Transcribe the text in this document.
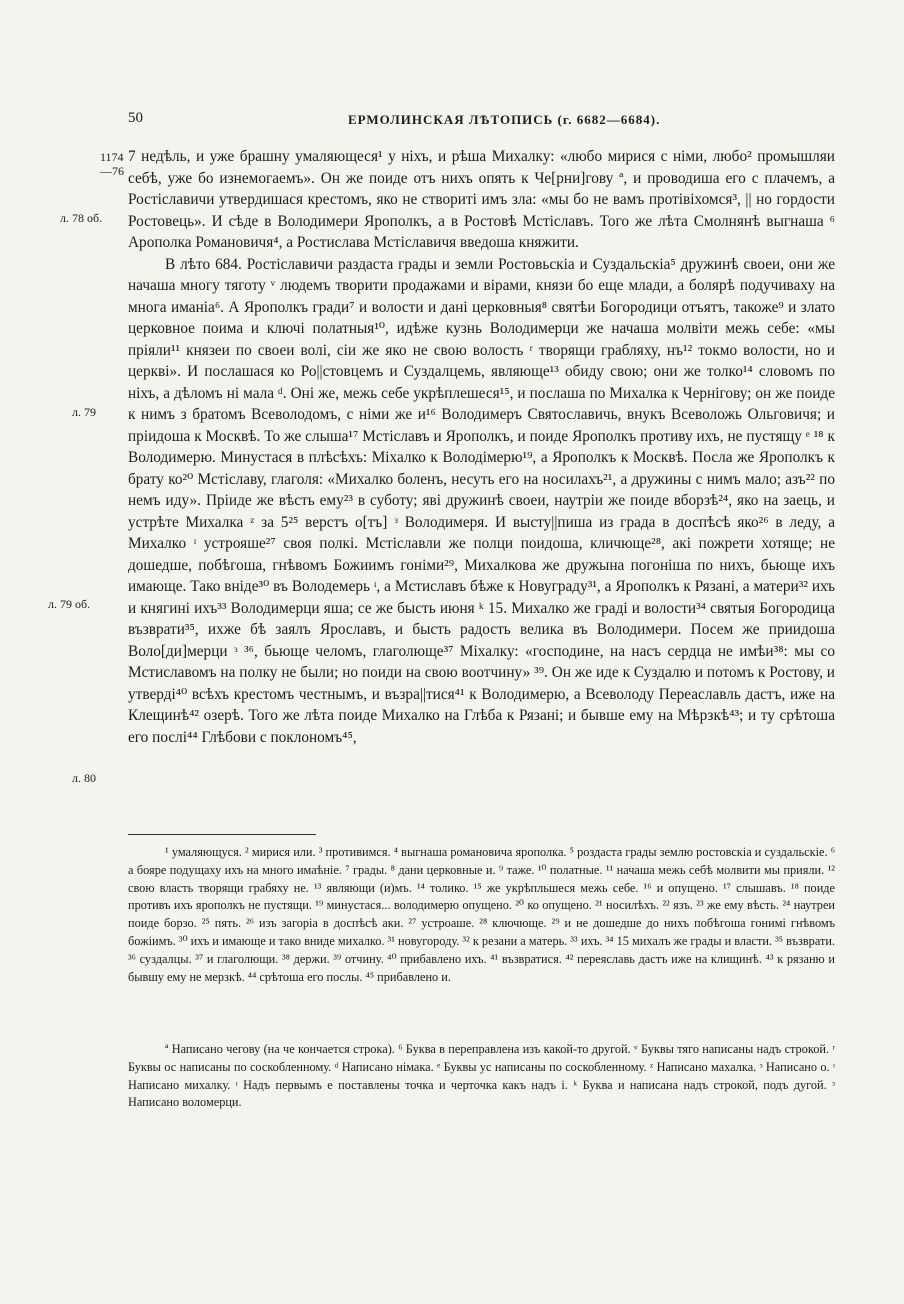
50	ЕРМОЛИНСКАЯ ЛѢТОПИСЬ (г. 6682—6684).
1174
—76
л. 78 об.
л. 79
л. 79 об.
л. 80

7 недѣль, и уже брашну умаляющеся¹ у нiхъ, и рѣша Михалку: «любо мирися с нiми, любо² промышляи себѣ, уже бо изнемогаемъ». Он же поиде отъ нихъ опять к Че[рни]гову ª, и проводиша его с плачемъ, а Ростiславичи утвердишася крестомъ, яко не створитi имъ зла: «мы бо не вамъ протiвiхомся³, || но гордости Ростовець». И сѣде в Володимери Ярополкъ, а в Ростовѣ Мстiславъ. Того же лѣта Смолнянѣ выгнаша ⁶ Арополка Романовичя⁴, а Ростислава Мстiславичя введоша княжити.

В лѣто 684. Ростiславичи раздаста грады и земли Ростовьскiа и Суздальскiа⁵ дружинѣ своеи, они же начаша многу тяготу ᵛ людемъ творити продажами и вiрами, князи бо еще млади, а болярѣ подучиваху на многа иманiа⁶. А Ярополкъ гради⁷ и волости и данi церковныя⁸ святѣи Богородици отъятъ, такоже⁹ и злато церковное поима и ключi полатныя¹⁰, идѣже кузнь Володимерци же начаша молвiти межь себе: «мы прiяли¹¹ князеи по своеи волi, сiи же яко не свою волость ʳ творящи грабляху, нъ¹² токмо волости, но и церкві». И послашася ко Ро||стовцемъ и Суздалцемь, являюще¹³ обиду свою; они же толко¹⁴ словомъ по нiхъ, а дѣломъ нi мала ᵈ. Оні же, межь себе укрѣплешеся¹⁵, и послаша по Михалка к Чернiгову; он же поиде к нимъ з братомъ Всеволодомъ, с нiми же и¹⁶ Володимеръ Святославичь, внукъ Всеволожь Ольговичя; и прiидоша к Москвѣ. То же слыша¹⁷ Мстiславъ и Ярополкъ, и поиде Ярополкъ противу ихъ, не пустящу ᵉ ¹⁸ к Володимерю. Минустася в плѣсѣхъ: Мiхалко к Володiмерю¹⁹, а Ярополкъ к Москвѣ. Посла же Ярополкъ к брату ко²⁰ Мстiславу, глаголя: «Михалко боленъ, несуть его на носилахъ²¹, а дружины с нимъ мало; азъ²² по немъ иду». Прiиде же вѣсть ему²³ в суботу; явi дружинѣ своеи, наутрiи же поиде вборзѣ²⁴, яко на заець, и устрѣте Михалка ᶻ за 5²⁵ верстъ о[тъ] ᵌ Володимеря. И высту||пиша из града в доспѣсѣ яко²⁶ в леду, а Михалко ᶦ устрояше²⁷ своя полкi. Мстiславли же полци поидоша, кличюще²⁸, акi пожрети хотяще; не дошедше, побѣгоша, гнѣвомъ Божиимъ гонiми²⁹, Михалкова же дружына погонiша по нихъ, бьюще ихъ имающе. Тако внiде³⁰ въ Володемерь ᶦ, а Мстиславъ бѣже к Новуграду³¹, а Ярополкъ к Рязанi, а матери³² ихъ и княгинi ихъ³³ Володимерци яша; се же бысть июня ᵏ 15. Михалко же градi и волости³⁴ святыя Богородица възврати³⁵, ихже бѣ заялъ Ярославъ, и бысть радость велика въ Володимери. Посем же приидоша Воло[ди]мерци ᵌ ³⁶, бьюще челомъ, глаголюще³⁷ Мiхалку: «господине, на насъ сердца не имѣи³⁸: мы со Мстиславомъ на полку не были; но поиди на свою воотчину» ³⁹. Он же иде к Суздалю и потомъ к Ростову, и утвердi⁴⁰ всѣхъ крестомъ честнымъ, и възра||тися⁴¹ к Володимерю, а Всеволоду Переаславль дастъ, иже на Клещинѣ⁴² озерѣ. Того же лѣта поиде Михалко на Глѣба к Рязанi; и бывше ему на Мѣрзкѣ⁴³; и ту срѣтоша его послi⁴⁴ Глѣбови с поклономъ⁴⁵,

¹ умаляющуся. ² мирися или. ³ противимся. ⁴ выгнаша романовича ярополка. ⁵ роздаста грады землю ростовскiа и суздальскiе. ⁶ а бояре подущаху ихъ на много имаѣнiе. ⁷ грады. ⁸ дани церковные и. ⁹ таже. ¹⁰ полатные. ¹¹ начаша межь себѣ молвити мы прияли. ¹² свою власть творящи грабяху не. ¹³ являющи (и)мъ. ¹⁴ толико. ¹⁵ же укрѣпльшеся межь себе. ¹⁶ и опущено. ¹⁷ слышавъ. ¹⁸ поиде противъ ихъ ярополкъ не пустящи. ¹⁹ минустася... володимерю опущено. ²⁰ ко опущено. ²¹ носилѣхъ. ²² язъ. ²³ же ему вѣсть. ²⁴ наутреи поиде борзо. ²⁵ пять. ²⁶ изъ загорiа в доспѣсѣ аки. ²⁷ устроаше. ²⁸ ключюще. ²⁹ и не дошедше до нихъ побѣгоша гонимi гнѣвомъ божiимъ. ³⁰ ихъ и имающе и тако внидe михалко. ³¹ новугороду. ³² к резани а матерь. ³³ ихъ. ³⁴ 15 михалъ же грады и власти. ³⁵ възврати. ³⁶ суздалцы. ³⁷ и глаголющи. ³⁸ держи. ³⁹ отчину. ⁴⁰ прибавлено ихъ. ⁴¹ възвратися. ⁴² переяславь дастъ иже на клищинѣ. ⁴³ к рязаню и бывшу ему не мерзкѣ. ⁴⁴ срѣтоша его послы. ⁴⁵ прибавлено и.
ª Написано чегову (на че кончается строка). ⁶ Буква в переправлена изъ какой-то другой. ᵛ Буквы тяго написаны надъ строкой. ʳ Буквы ос написаны по соскобленному. ᵈ Написано нiмака. ᵉ Буквы ус написаны по соскобленному. ᶻ Написано махалка. ᵌ Написано о. ᶦ Написано михалку. ᶦ Надъ первымъ е поставлены точка и черточка какъ надъ i. ᵏ Буква и написана надъ строкой, подъ дугой. ᵌ Написано воломерци.
